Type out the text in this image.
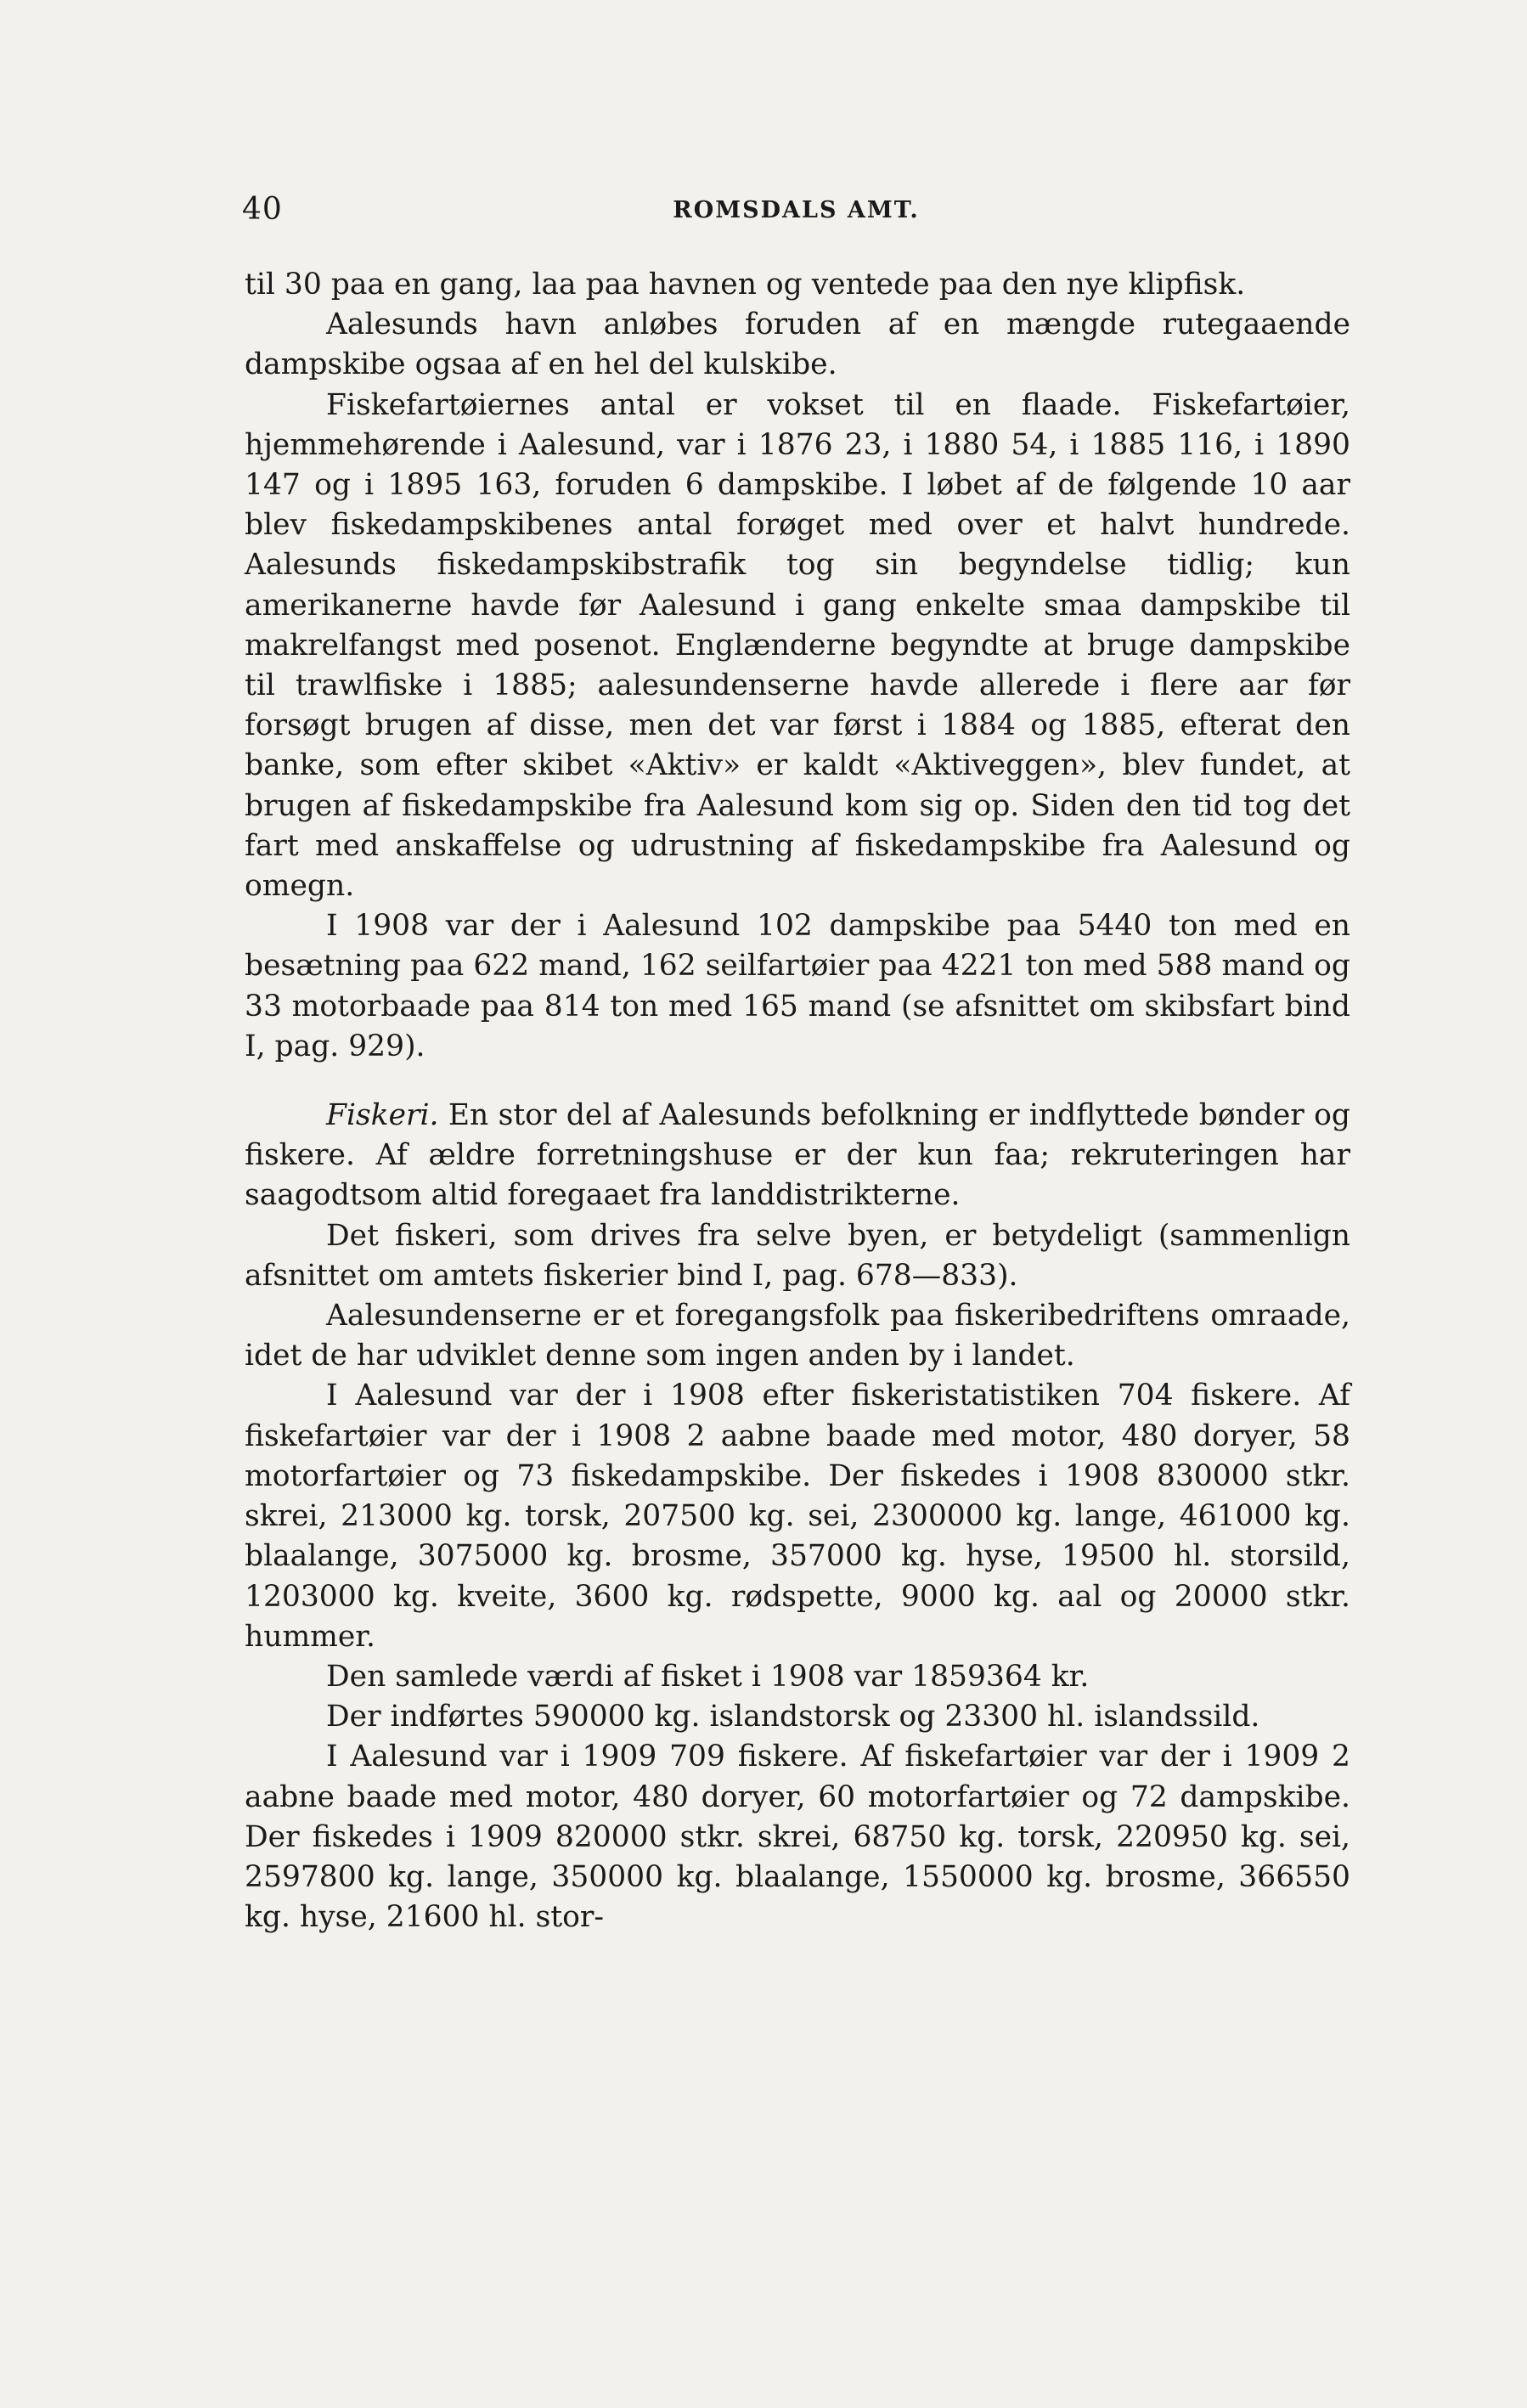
40	ROMSDALS AMT.

til 30 paa en gang, laa paa havnen og ventede paa den nye klipfisk.

Aalesunds havn anløbes foruden af en mængde rutegaaende dampskibe ogsaa af en hel del kulskibe.

Fiskefartøiernes antal er vokset til en flaade. Fiskefartøier, hjemmehørende i Aalesund, var i 1876 23, i 1880 54, i 1885 116, i 1890 147 og i 1895 163, foruden 6 dampskibe. I løbet af de følgende 10 aar blev fiskedampskibenes antal forøget med over et halvt hundrede. Aalesunds fiskedampskibstrafik tog sin begyndelse tidlig; kun amerikanerne havde før Aalesund i gang enkelte smaa dampskibe til makrelfangst med posenot. Englænderne begyndte at bruge dampskibe til trawlfiske i 1885; aalesundenserne havde allerede i flere aar før forsøgt brugen af disse, men det var først i 1884 og 1885, efterat den banke, som efter skibet «Aktiv» er kaldt «Aktiveggen», blev fundet, at brugen af fiskedampskibe fra Aalesund kom sig op. Siden den tid tog det fart med anskaffelse og udrustning af fiskedampskibe fra Aalesund og omegn.

I 1908 var der i Aalesund 102 dampskibe paa 5440 ton med en besætning paa 622 mand, 162 seilfartøier paa 4221 ton med 588 mand og 33 motorbaade paa 814 ton med 165 mand (se afsnittet om skibsfart bind I, pag. 929).

Fiskeri. En stor del af Aalesunds befolkning er indflyttede bønder og fiskere. Af ældre forretningshuse er der kun faa; rekruteringen har saagodtsom altid foregaaet fra landdistrikterne.

Det fiskeri, som drives fra selve byen, er betydeligt (sammenlign afsnittet om amtets fiskerier bind I, pag. 678—833).

Aalesundenserne er et foregangsfolk paa fiskeribedriftens omraade, idet de har udviklet denne som ingen anden by i landet.

I Aalesund var der i 1908 efter fiskeristatistiken 704 fiskere. Af fiskefartøier var der i 1908 2 aabne baade med motor, 480 doryer, 58 motorfartøier og 73 fiskedampskibe. Der fiskedes i 1908 830000 stkr. skrei, 213000 kg. torsk, 207500 kg. sei, 2300000 kg. lange, 461000 kg. blaalange, 3075000 kg. brosme, 357000 kg. hyse, 19500 hl. storsild, 1203000 kg. kveite, 3600 kg. rødspette, 9000 kg. aal og 20000 stkr. hummer.

Den samlede værdi af fisket i 1908 var 1859364 kr.

Der indførtes 590000 kg. islandstorsk og 23300 hl. islandssild.

I Aalesund var i 1909 709 fiskere. Af fiskefartøier var der i 1909 2 aabne baade med motor, 480 doryer, 60 motorfartøier og 72 dampskibe. Der fiskedes i 1909 820000 stkr. skrei, 68750 kg. torsk, 220950 kg. sei, 2597800 kg. lange, 350000 kg. blaalange, 1550000 kg. brosme, 366550 kg. hyse, 21600 hl. stor-
